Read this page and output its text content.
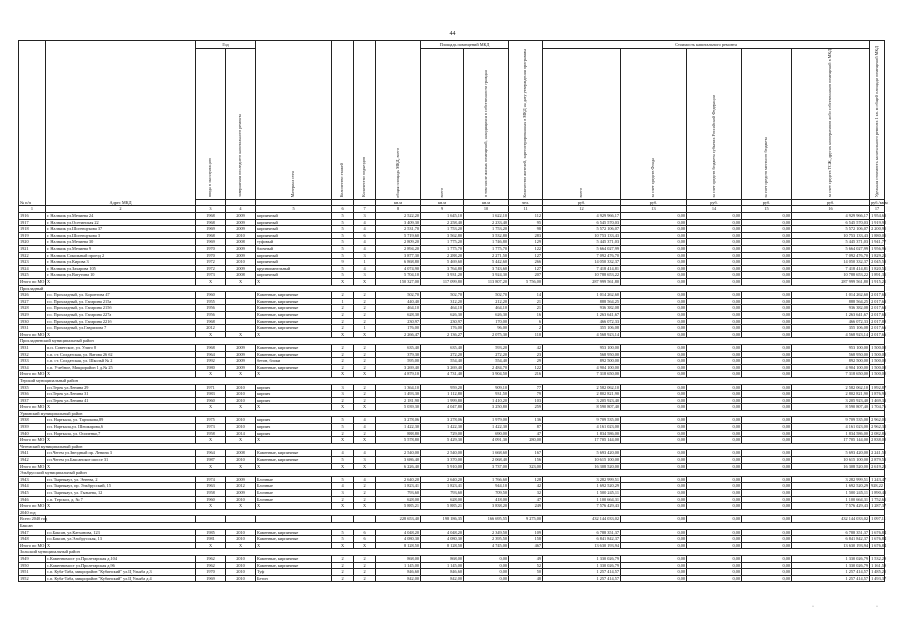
44
№ п/п	Адрес МКД	Год		Материал стен	Количество этажей	Количество подъездов	общая площадь МКД, всего	Площадь помещений МКД		Количество жителей, зарегистрированных в МКД на дату утверждения программы	Стоимость капитального ремонта					Удельная стоимость капитального ремонта 1 кв. м общей площади помещений МКД
		ввода в эксплуатацию	завершения последнего капитального ремонта					всего	в том числе жилых помещений, находящихся в собственности граждан		всего	за счет средств Фонда	за счет средств бюджета субъекта Российской Федерации	за счет средств местного бюджета	за счет средств ТСЖ, других кооперативов либо собственников помещений в МКД	
							кв.м	кв.м	кв.м	чел.	руб.	руб.	руб.	руб.	руб.	руб./кв.м
1	2	3	4	5	6	7	8	9	10	11	12	13	14	15	16	17
1916	г. Нальчик ул.Мечиева 24	1968	2009	кирпичный	5	3	2 522,20	1 645,10	1 622,10	112	4 929 966,17	0,00	0,00	0,00	4 929 966,17	1 954,63
1917	г. Нальчик ул.Осетинская 22	1968	2009	кирпичный	5	4	3 409,30	2 258,40	2 233,40	95	6 545 570,03	0,00	0,00	0,00	6 545 570,03	1 919,92
1918	г. Нальчик ул.Шогенцукова 37	1969	2009	кирпичный	5	4	2 531,70	1 753,20	1 753,20	98	5 572 106,07	0,00	0,00	0,00	5 572 106,07	2 200,95
1919	г. Нальчик ул.Шогенцукова 3	1968	2010	кирпичный	5	6	5 719,60	3 562,80	3 532,80	283	10 753 133,43	0,00	0,00	0,00	10 753 133,43	1 880,05
1920	г. Нальчик ул.Мечиева 30	1969	2008	туфовый	5	4	2 809,20	1 775,20	1 746,80	129	5 445 371,03	0,00	0,00	0,00	5 445 371,03	1 941,77
1921	г. Нальчик ул.Мечиева 9	1970	2009	блочный	5	4	2 894,20	1 775,70	1 775,70	122	5 664 027,99	0,00	0,00	0,00	5 664 027,99	1 956,96
1922	г. Нальчик Сокольный проезд 2	1970	2009	кирпичный	5	3	3 877,30	2 288,20	2 271,50	127	7 092 476,70	0,00	0,00	0,00	7 092 476,70	1 829,21
1923	г. Нальчик ул.Кирова 3	1972	2010	кирпичный	9	1	6 868,80	5 469,60	5 442,60	266	14 050 332,37	0,00	0,00	0,00	14 050 332,37	2 045,53
1924	г. Нальчик ул.Захарова 105	1972	2009	крупнопанельный	5	4	4 074,90	3 764,80	3 743,60	127	7 418 414,81	0,00	0,00	0,00	7 418 414,81	1 820,51
1925	г. Нальчик ул.Ватутина 10	1973	2008	кирпичный	5	3	5 704,10	3 931,20	3 924,30	207	10 788 653,22	0,00	0,00	0,00	10 788 653,22	1 891,35
Итого по МО	X	X	X	X	X	X	150 327,00	117 099,80	113 807,20	5 756,00	287 999 561,80	0,00	0,00	0,00	287 999 561,80	1 915,21
Прохладный																
1926	г.о. Прохладный, ул. Боронтова 47	1960		Каменные, кирпичные	2	2	502,70	502,70	502,70	14	1 014 262,60	0,00	0,00	0,00	1 014 262,60	2 017,63
1927	г.о. Прохладный, ул. Гагарина 215а	1955		Каменные, кирпичные	1	2	440,40	312,20	212,20	21	888 564,25	0,00	0,00	0,00	888 564,25	2 017,63
1928	г.о. Прохладный, ул. Гагарина 215б	1956		Каменные, кирпичные	2	2	464,10	464,10	464,10	21	936 382,08	0,00	0,00	0,00	936 382,08	2 017,63
1929	г.о. Прохладный, ул. Гагарина 227а	1956		Каменные, кирпичные	2	2	628,30	626,30	626,30	16	1 263 641,67	0,00	0,00	0,00	1 263 641,67	2 017,63
1930	г.о. Прохладный, ул. Гагарина 221б	1968		Каменные, кирпичные	2	2	230,97	230,97	170,00	6	466 072,33	0,00	0,00	0,00	466 072,33	2 017,89
1931	г.о. Прохладный, ул.Гаврилова 7	2012		Каменные, кирпичные	2	1	176,00	176,00	96,00	2	355 106,08	0,00	0,00	0,00	355 106,08	2 017,66
Итого по МО	X	X	X	X	X	X	2 266,47	2 136,27	2 075,30	110	4 568 923,14	0,00	0,00	0,00	4 568 923,14	2 017,66
Прохладненский муниципальный район																
1931	п.п. Советское, ул. Улиго 8	1968	2009	Каменные, кирпичные	2	2	635,40	635,40	593,20	42	953 100,00	0,00	0,00	0,00	953 100,00	1 500,00
1932	с.п. ст. Солдатская, ул. Ватова 26 б2	1964	2009	Каменные, кирпичные	2	2	379,30	272,20	272,20	23	568 950,00	0,00	0,00	0,00	568 950,00	1 500,00
1933	с.п. ст. Солдатская, ул. Школьй № 2	1992	2009	бетон, блоки	2	2	595,00	554,40	554,40	29	892 500,00	0,00	0,00	0,00	892 500,00	1 500,00
1934	с.п. Учебное, Микрорайон 1 д.№ 25	1980	2009	Каменные, кирпичные	2	2	3 269,40	3 269,40	2 484,70	122	4 904 100,00	0,00	0,00	0,00	4 904 100,00	1 500,00
Итого по МО	X	X	X	X	X	X	4 879,10	4 731,40	3 904,50	216	7 318 650,00	0,00	0,00	0,00	7 318 650,00	1 500,00
Терский муниципальный район																
1935	г.п.Терек ул.Ленина 29	1971	2010	кирпич	3	2	1 364,10	959,20	909,10	77	2 582 062,10	0,00	0,00	0,00	2 582 062,10	1 892,87
1936	г.п.Терек ул.Ленина 31	1983	2010	кирпич	3	2	1 493,30	1 112,80	931,50	79	2 802 821,90	0,00	0,00	0,00	2 802 821,90	1 876,93
1937	г.п.Терек ул.Ленина 41	1960	2010	кирпич	2	2	2 181,90	1 999,80	1 410,20	103	3 205 923,40	0,00	0,00	0,00	3 205 923,40	1 469,33
Итого по МО	X	X	X	X	X	X	5 039,30	4 047,80	3 250,80	259	8 590 807,40	0,00	0,00	0,00	8 590 807,40	1 704,76
Урванский муниципальный район																
1938	г.п. Нарткала, ул. Тарчокова,89	1975	2010	кирпич	5	4	3 278,06	3 278,06	1 979,00	136	9 709 535,00	0,00	0,00	0,00	9 709 535,00	2 962,01
1939	г.п. Нарткала,ул. Шешкарова,6	1973	2010	кирпич	5	4	1 422,30	1 422,30	1 422,30	87	4 161 023,00	0,00	0,00	0,00	4 161 023,00	2 962,32
1940	г.п. Нарткала, ул. Осипенко,7	1958	2014	кирпич	2	2	888,80	729,00	690,00	47	1 834 586,00	0,00	0,00	0,00	1 834 586,00	2 082,86
Итого по МО	X	X	X	X	X	X	5 578,80	5 429,30	4 091,30	280,00	17 705 144,00	0,00	0,00	0,00	17 705 144,00	2 838,00
Чегемский муниципальный район																
1941	г.п.Чегем ул.Звездный пр. Ленина 3	1964	2008	Каменные, кирпичные	4	4	2 540,00	2 540,00	1 668,60	167	5 693 420,00	0,00	0,00	0,00	5 693 420,00	2 241,50
1942	г.п.Чегем ул.Баксанское шоссе 31	1987	2010	Каменные, кирпичные	5	3	3 686,40	3 370,00	2 068,40	156	10 615 100,00	0,00	0,00	0,00	10 615 100,00	2 879,53
Итого по МО	X	X	X	X	X	X	6 226,40	5 910,00	3 737,00	323,00	16 308 520,00	0,00	0,00	0,00	16 308 520,00	2 619,25
Эльбрусский муниципальный район																
1943	г.п. Тырныауз, ул. Энеева, 2	1974	2009	Блочные	5	4	2 640,20	2 640,20	1 766,60	128	3 282 999,51	0,00	0,00	0,00	3 282 999,51	1 243,47
1944	г.п. Тырныауз, пр. Эльбрусский, 15	1963	2012	Блочные	4	2	1 823,41	1 823,41	944,10	42	1 692 520,29	0,00	0,00	0,00	1 692 520,29	928,22
1945	г.п. Тырныауз, ул. Гызыева, 12	1958	2009	Блочные	3	2	793,60	793,60	709,50	32	1 500 245,11	0,00	0,00	0,00	1 500 245,11	1 890,43
1946	с.п. Терскол, д. № 7	1960	2010	Блочные	2	2	628,00	628,00	418,00	47	1 100 664,31	0,00	0,00	0,00	1 100 664,31	1 752,65
Итого по МО	X	X	X	X	X	X	5 885,21	5 885,21	3 838,20	249	7 576 429,43	0,00	0,00	0,00	7 576 429,43	1 287,37
2040 год																
Всего 2040 год							228 653,40	198 186,35	166 695,55	9 275,00	432 144 033,02	0,00	0,00	0,00	432 144 033,02	1 097,11
Баксан																
1947	г.о.Баксан, ул.Катханова, 123	1985	2010	Каменные, кирпичные	5	6	4 048,20	4 048,20	2 349,50	109	6 788 351,37	0,00	0,00	0,00	6 788 351,37	1 676,84
1948	г.о.Баксан, ул.Эльбрусская, 13	1981	2010	Каменные, кирпичные	5	6	4 080,30	4 080,30	2 395,50	158	6 841 842,37	0,00	0,00	0,00	6 841 842,37	1 676,84
Итого по МО	X	X	X	X	X	X	8 128,50	8 128,50	4 745,00	467	13 630 193,94	0,00	0,00	0,00	13 630 193,94	1 676,84
Зольский муниципальный район																
1949	с.Каменномост ул.Пролетарская д.104	1962	2010	Каменные, кирпичные	2	2	868,00	868,00	0,00	49	1 330 026,79	0,00	0,00	0,00	1 330 026,79	1 532,29
1950	с.Каменномост ул.Пролетарская д.96	1962	2010	Каменные, кирпичные	2	2	1 145,00	1 145,00	0,00	52	1 330 026,79	0,00	0,00	0,00	1 330 026,79	1 161,59
1951	с.п. Куба-Таба, микрорайон "Кубинский" ул.Ц Ульяба д.3	1970	2010	Туф	2	2	846,60	846,60	0,00	50	1 257 414,57	0,00	0,00	0,00	1 257 414,57	1 485,25
1952	с.п. Куба-Таба, микрорайон "Кубинский" ул.Ц Ульяба д.4	1969	2010	Бетон	2	2	842,00	842,00	0,00	48	1 257 414,57	0,00	0,00	0,00	1 257 414,57	1 493,37
·	·
